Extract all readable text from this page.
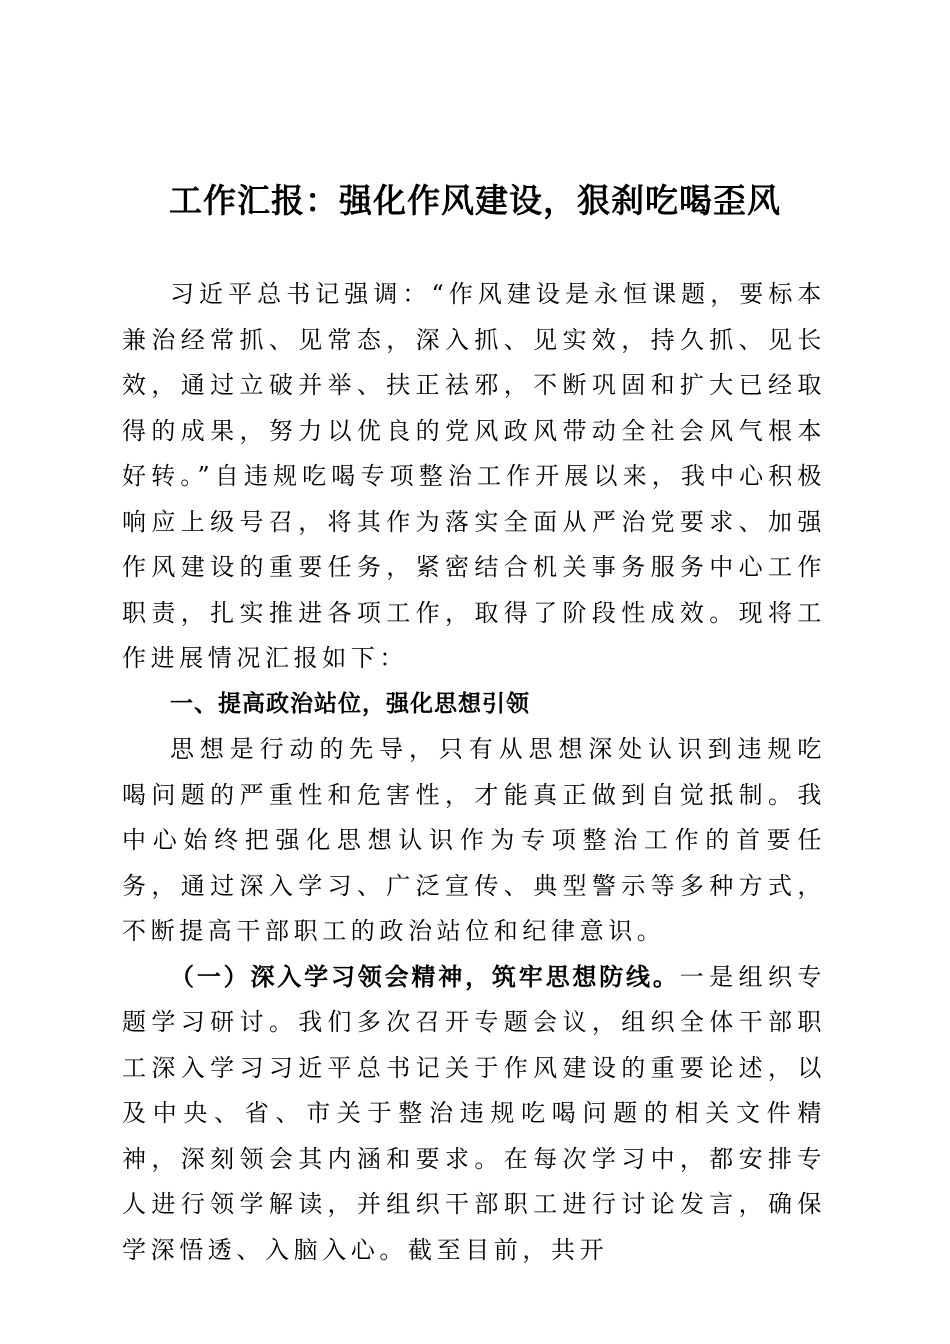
工作汇报：强化作风建设，狠刹吃喝歪风

习近平总书记强调：“作风建设是永恒课题，要标本兼治经常抓、见常态，深入抓、见实效，持久抓、见长效，通过立破并举、扶正祛邪，不断巩固和扩大已经取得的成果，努力以优良的党风政风带动全社会风气根本好转。”自违规吃喝专项整治工作开展以来，我中心积极响应上级号召，将其作为落实全面从严治党要求、加强作风建设的重要任务，紧密结合机关事务服务中心工作职责，扎实推进各项工作，取得了阶段性成效。现将工作进展情况汇报如下：

一、提高政治站位，强化思想引领

思想是行动的先导，只有从思想深处认识到违规吃喝问题的严重性和危害性，才能真正做到自觉抵制。我中心始终把强化思想认识作为专项整治工作的首要任务，通过深入学习、广泛宣传、典型警示等多种方式，不断提高干部职工的政治站位和纪律意识。

（一）深入学习领会精神，筑牢思想防线。一是组织专题学习研讨。我们多次召开专题会议，组织全体干部职工深入学习习近平总书记关于作风建设的重要论述，以及中央、省、市关于整治违规吃喝问题的相关文件精神，深刻领会其内涵和要求。在每次学习中，都安排专人进行领学解读，并组织干部职工进行讨论发言，确保学深悟透、入脑入心。截至目前，共开
